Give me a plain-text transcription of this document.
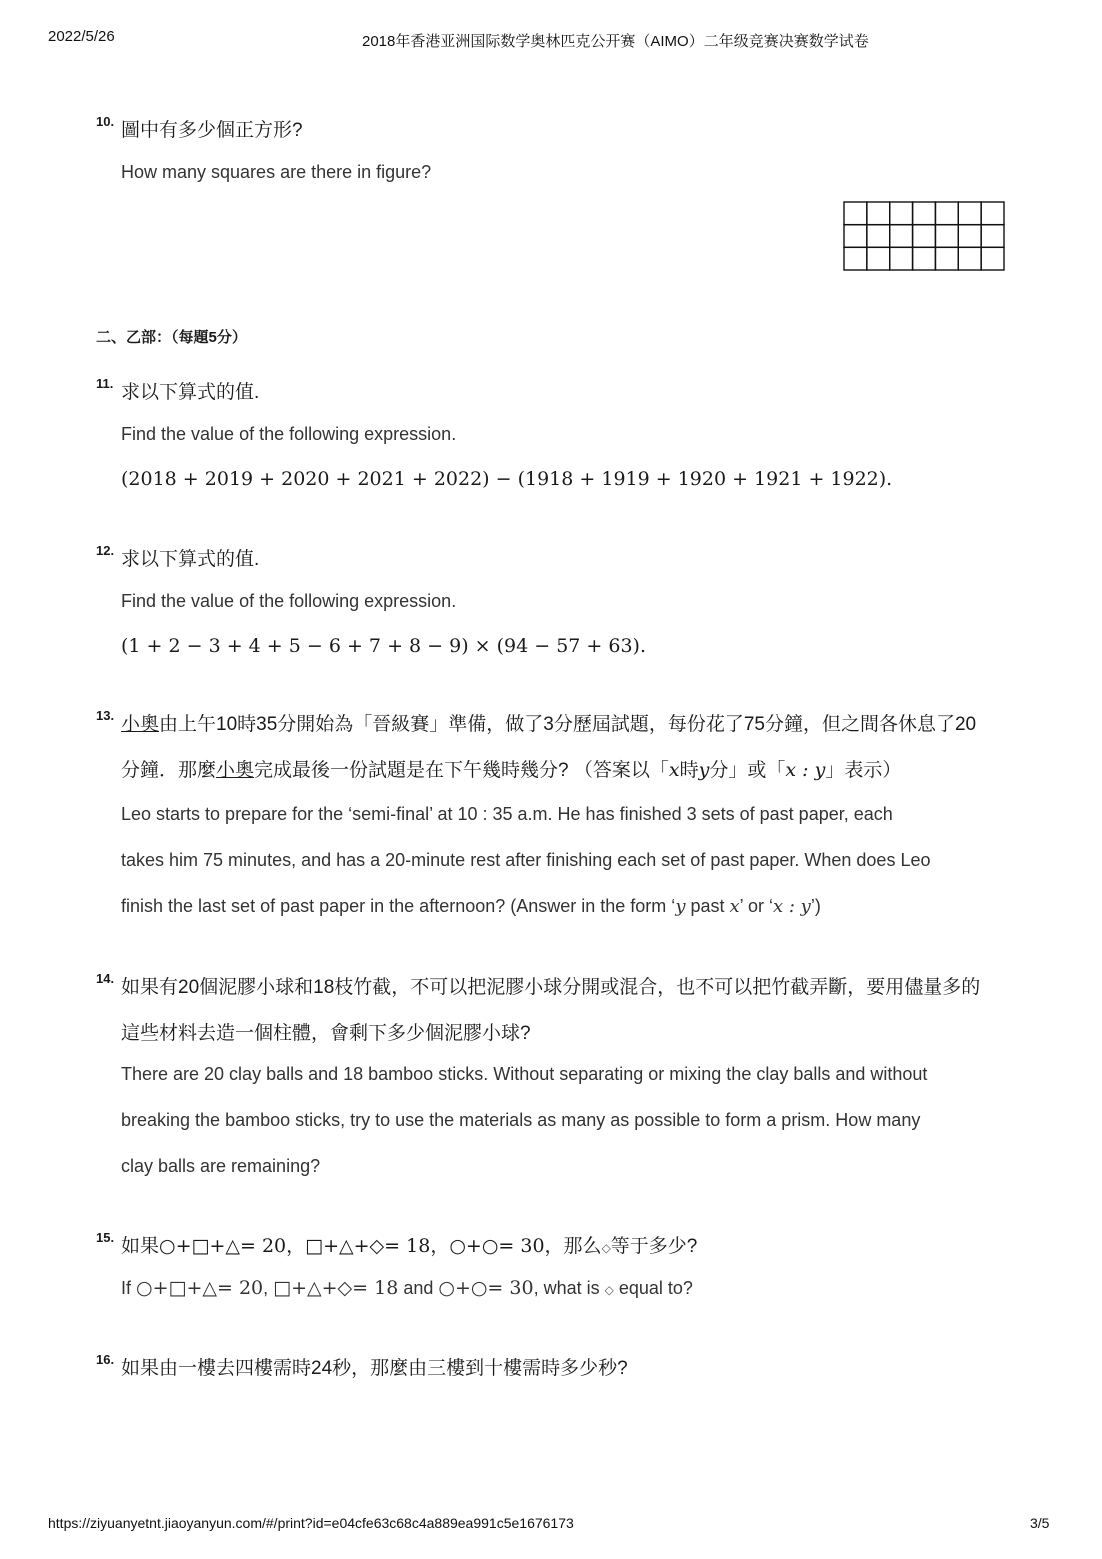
2022/5/26	2018年香港亚洲国际数学奥林匹克公开赛（AIMO）二年级竞赛决赛数学试卷
10. 圖中有多少個正方形?
How many squares are there in figure?
二、乙部：（每題5分）
11. 求以下算式的值.
Find the value of the following expression.
(2018 + 2019 + 2020 + 2021 + 2022) − (1918 + 1919 + 1920 + 1921 + 1922).
12. 求以下算式的值.
Find the value of the following expression.
(1 + 2 − 3 + 4 + 5 − 6 + 7 + 8 − 9) × (94 − 57 + 63).
13. 小奧由上午10時35分開始為「晉級賽」準備，做了3分歷屆試題，每份花了75分鐘，但之間各休息了20
分鐘．那麼小奧完成最後一份試題是在下午幾時幾分? （答案以「x時y分」或「x : y」表示）
Leo starts to prepare for the ‘semi-final’ at 10 : 35 a.m. He has finished 3 sets of past paper, each
takes him 75 minutes, and has a 20-minute rest after finishing each set of past paper. When does Leo
finish the last set of past paper in the afternoon? (Answer in the form ‘y past x’ or ‘x : y’)
14. 如果有20個泥膠小球和18枝竹截，不可以把泥膠小球分開或混合，也不可以把竹截弄斷，要用儘量多的
這些材料去造一個柱體，會剩下多少個泥膠小球?
There are 20 clay balls and 18 bamboo sticks. Without separating or mixing the clay balls and without
breaking the bamboo sticks, try to use the materials as many as possible to form a prism. How many
clay balls are remaining?
15. 如果○+□+△= 20，□+△+◇= 18，○+○= 30，那么◇等于多少?
If ○+□+△= 20, □+△+◇= 18 and ○+○= 30, what is ◇ equal to?
16. 如果由一樓去四樓需時24秒，那麼由三樓到十樓需時多少秒?
https://ziyuanyetnt.jiaoyanyun.com/#/print?id=e04cfe63c68c4a889ea991c5e1676173	3/5
